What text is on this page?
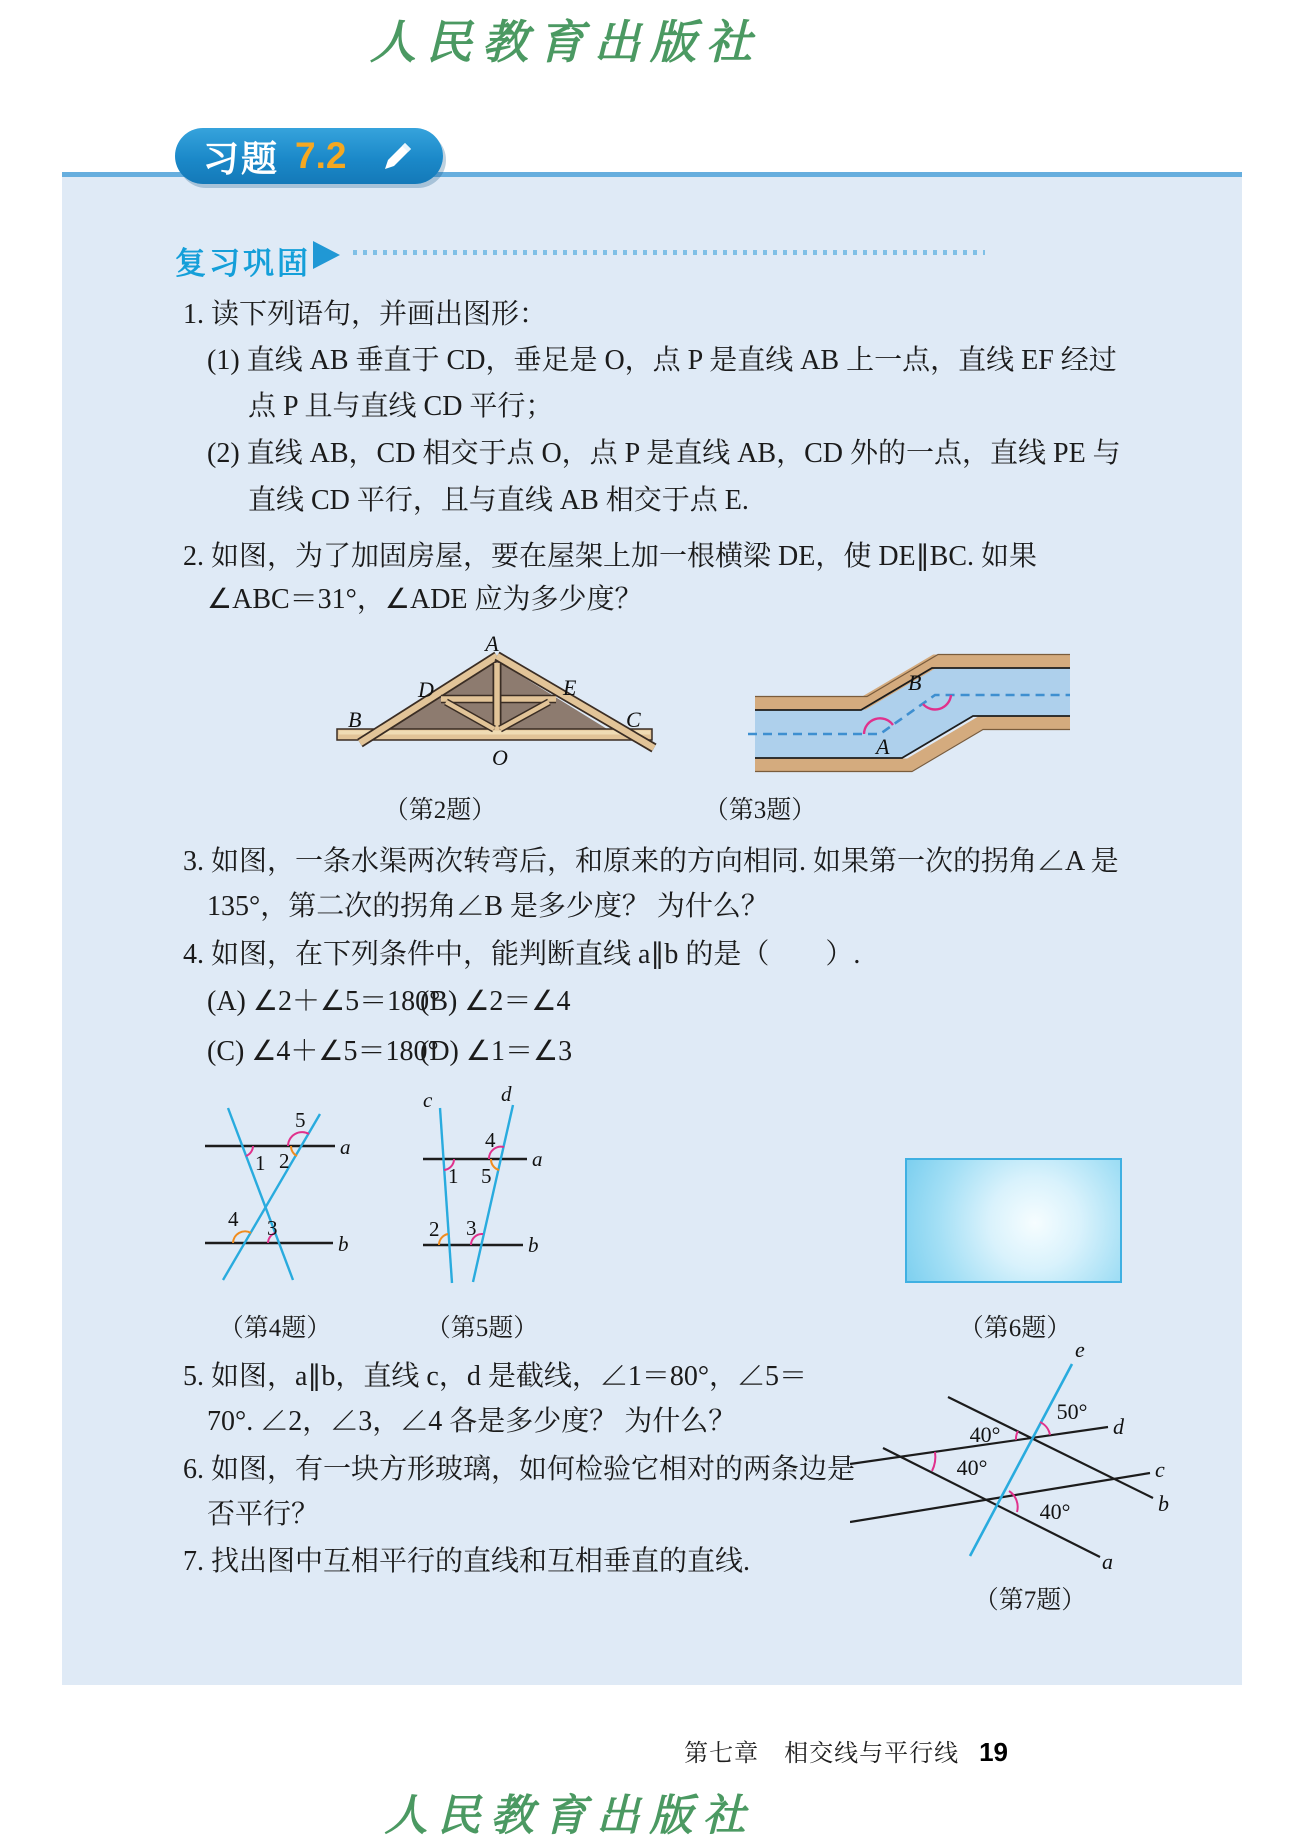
人民教育出版社
习题 7.2
复习巩固
1. 读下列语句，并画出图形：
(1) 直线 AB 垂直于 CD，垂足是 O，点 P 是直线 AB 上一点，直线 EF 经过
点 P 且与直线 CD 平行；
(2) 直线 AB，CD 相交于点 O，点 P 是直线 AB，CD 外的一点，直线 PE 与
直线 CD 平行，且与直线 AB 相交于点 E.
2. 如图，为了加固房屋，要在屋架上加一根横梁 DE，使 DE∥BC. 如果
∠ABC＝31°，∠ADE 应为多少度？
A
D	E
B	C
O	A
B
（第2题）	（第3题）
3. 如图，一条水渠两次转弯后，和原来的方向相同. 如果第一次的拐角∠A 是
135°，第二次的拐角∠B 是多少度？ 为什么？
4. 如图，在下列条件中，能判断直线 a∥b 的是（　　）.
(A) ∠2＋∠5＝180°
(B) ∠2＝∠4
(C) ∠4＋∠5＝180°
(D) ∠1＝∠3
5
1 2
4 3
a
b
c	d
a
b
4
1 5
2 3
（第4题）	（第5题）	（第6题）
5. 如图，a∥b，直线 c，d 是截线，∠1＝80°，∠5＝
70°. ∠2，∠3，∠4 各是多少度？ 为什么？
6. 如图，有一块方形玻璃，如何检验它相对的两条边是
否平行？
7. 找出图中互相平行的直线和互相垂直的直线.
50°
40°
40°
40°
e
d
c
b
a
（第7题）
第七章　相交线与平行线 19
人民教育出版社
